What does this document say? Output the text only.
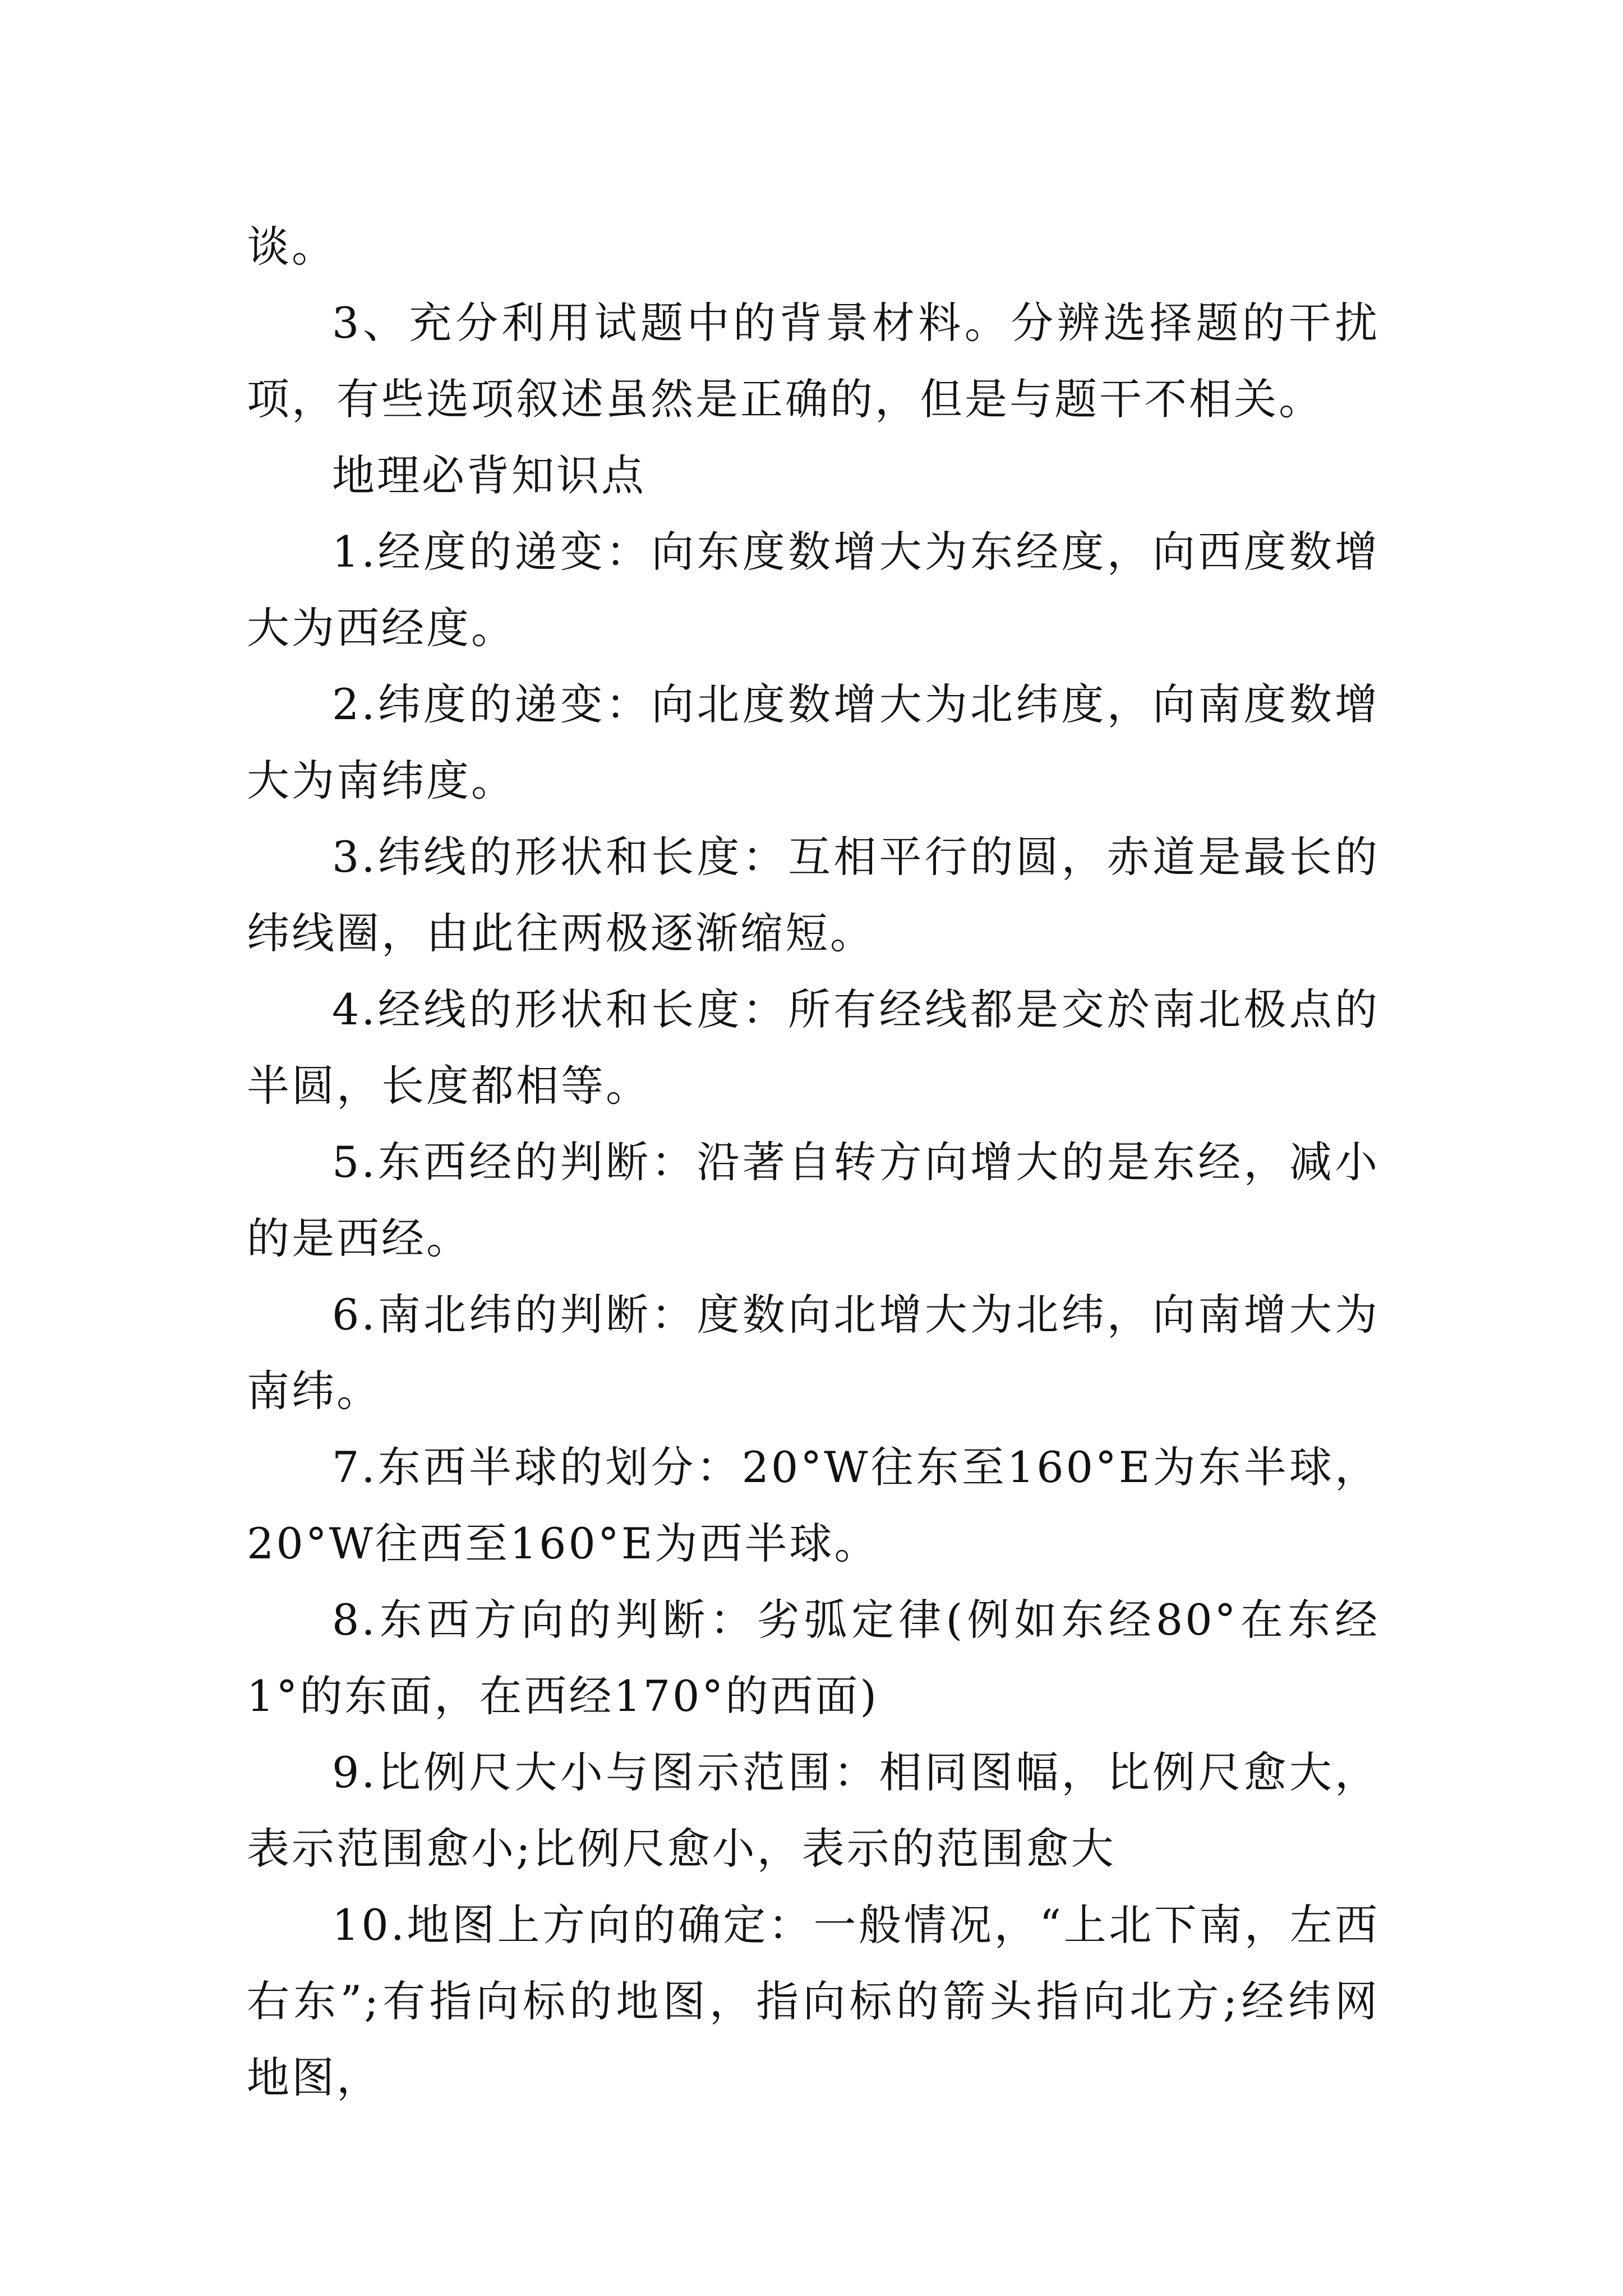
谈。

3、充分利用试题中的背景材料。分辨选择题的干扰项，有些选项叙述虽然是正确的，但是与题干不相关。

地理必背知识点

1.经度的递变：向东度数增大为东经度，向西度数增大为西经度。

2.纬度的递变：向北度数增大为北纬度，向南度数增大为南纬度。

3.纬线的形状和长度：互相平行的圆，赤道是最长的纬线圈，由此往两极逐渐缩短。

4.经线的形状和长度：所有经线都是交於南北极点的半圆，长度都相等。

5.东西经的判断：沿著自转方向增大的是东经，减小的是西经。

6.南北纬的判断：度数向北增大为北纬，向南增大为南纬。

7.东西半球的划分：20°W往东至160°E为东半球，20°W往西至160°E为西半球。

8.东西方向的判断：劣弧定律(例如东经80°在东经1°的东面，在西经170°的西面)

9.比例尺大小与图示范围：相同图幅，比例尺愈大，表示范围愈小;比例尺愈小，表示的范围愈大

10.地图上方向的确定：一般情况，“上北下南，左西右东”;有指向标的地图，指向标的箭头指向北方;经纬网地图，
